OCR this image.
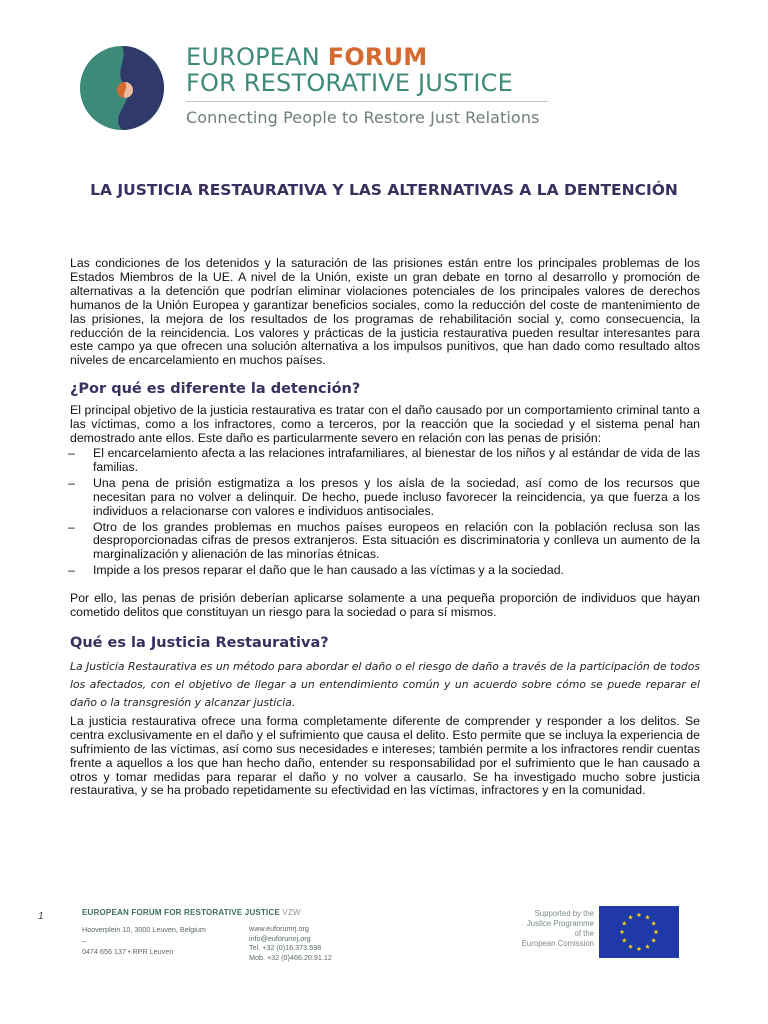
EUROPEAN FORUM
FOR RESTORATIVE JUSTICE
Connecting People to Restore Just Relations
LA JUSTICIA RESTAURATIVA Y LAS ALTERNATIVAS A LA DENTENCIÓN

Las condiciones de los detenidos y la saturación de las prisiones están entre los principales problemas de los Estados Miembros de la UE. A nivel de la Unión, existe un gran debate en torno al desarrollo y promoción de alternativas a la detención que podrían eliminar violaciones potenciales de los principales valores de derechos humanos de la Unión Europea y garantizar beneficios sociales, como la reducción del coste de mantenimiento de las prisiones, la mejora de los resultados de los programas de rehabilitación social y, como consecuencia, la reducción de la reincidencia. Los valores y prácticas de la justicia restaurativa pueden resultar interesantes para este campo ya que ofrecen una solución alternativa a los impulsos punitivos, que han dado como resultado altos niveles de encarcelamiento en muchos países.

¿Por qué es diferente la detención?

El principal objetivo de la justicia restaurativa es tratar con el daño causado por un comportamiento criminal tanto a las víctimas, como a los infractores, como a terceros, por la reacción que la sociedad y el sistema penal han demostrado ante ellos. Este daño es particularmente severo en relación con las penas de prisión:

– El encarcelamiento afecta a las relaciones intrafamiliares, al bienestar de los niños y al estándar de vida de las familias.
– Una pena de prisión estigmatiza a los presos y los aísla de la sociedad, así como de los recursos que necesitan para no volver a delinquir. De hecho, puede incluso favorecer la reincidencia, ya que fuerza a los individuos a relacionarse con valores e individuos antisociales.
– Otro de los grandes problemas en muchos países europeos en relación con la población reclusa son las desproporcionadas cifras de presos extranjeros. Esta situación es discriminatoria y conlleva un aumento de la marginalización y alienación de las minorías étnicas.
– Impide a los presos reparar el daño que le han causado a las víctimas y a la sociedad.

Por ello, las penas de prisión deberían aplicarse solamente a una pequeña proporción de individuos que hayan cometido delitos que constituyan un riesgo para la sociedad o para sí mismos.

Qué es la Justicia Restaurativa?

La Justicia Restaurativa es un método para abordar el daño o el riesgo de daño a través de la participación de todos los afectados, con el objetivo de llegar a un entendimiento común y un acuerdo sobre cómo se puede reparar el daño o la transgresión y alcanzar justicia.

La justicia restaurativa ofrece una forma completamente diferente de comprender y responder a los delitos. Se centra exclusivamente en el daño y el sufrimiento que causa el delito. Esto permite que se incluya la experiencia de sufrimiento de las víctimas, así como sus necesidades e intereses; también permite a los infractores rendir cuentas frente a aquellos a los que han hecho daño, entender su responsabilidad por el sufrimiento que le han causado a otros y tomar medidas para reparar el daño y no volver a causarlo. Se ha investigado mucho sobre justicia restaurativa, y se ha probado repetidamente su efectividad en las víctimas, infractores y en la comunidad.

1	EUROPEAN FORUM FOR RESTORATIVE JUSTICE VZW
Hooverplein 10, 3000 Leuven, Belgium
–
0474 656 137 • RPR Leuven
www.euforumrj.org
info@euforumrj.org
Tel. +32 (0)16.373.598
Mob. +32 (0)466.20.91.12
Supported by the
Justice Programme
of the
European Comission
